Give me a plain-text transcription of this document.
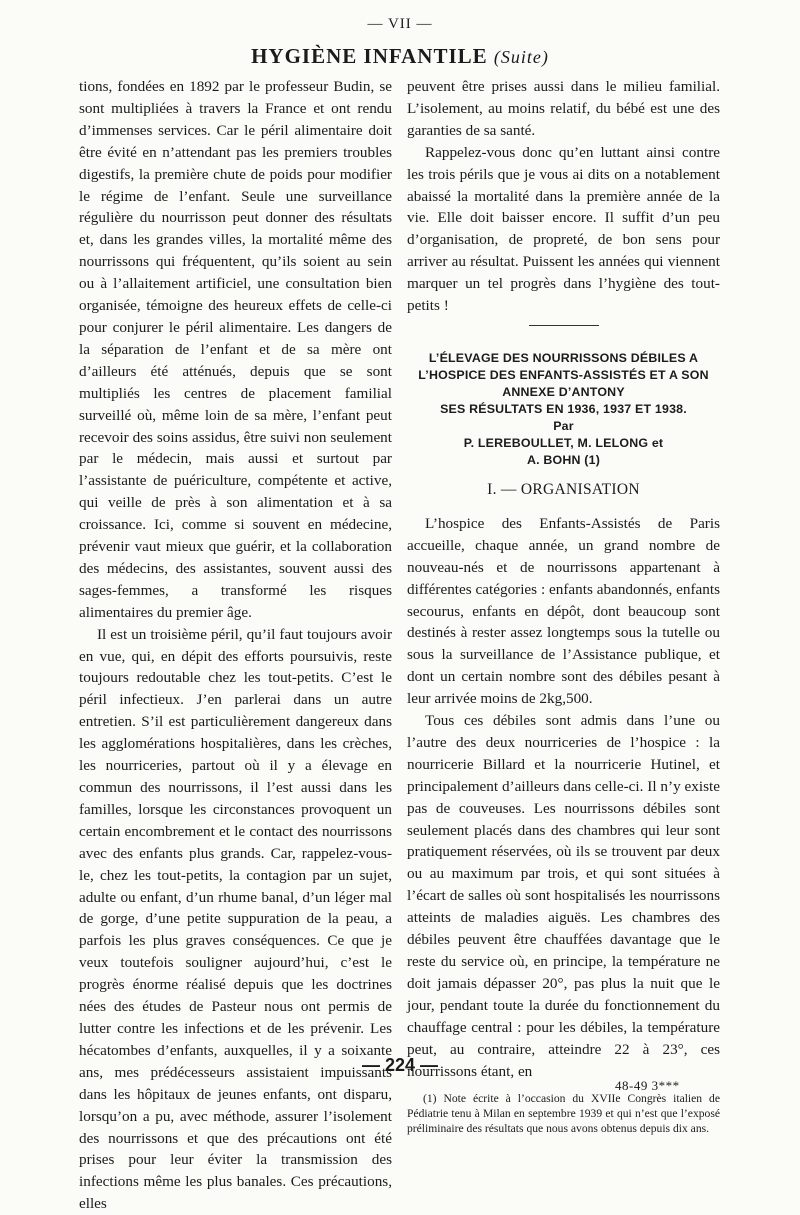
— VII —
HYGIÈNE INFANTILE (Suite)

tions, fondées en 1892 par le professeur Budin, se sont multipliées à travers la France et ont rendu d’immenses services. Car le péril alimentaire doit être évité en n’attendant pas les premiers troubles digestifs, la première chute de poids pour modifier le régime de l’enfant. Seule une surveillance régulière du nourrisson peut donner des résultats et, dans les grandes villes, la mortalité même des nourrissons qui fréquentent, qu’ils soient au sein ou à l’allaitement artificiel, une consultation bien organisée, témoigne des heureux effets de celle-ci pour conjurer le péril alimentaire. Les dangers de la séparation de l’enfant et de sa mère ont d’ailleurs été atténués, depuis que se sont multipliés les centres de placement familial surveillé où, même loin de sa mère, l’enfant peut recevoir des soins assidus, être suivi non seulement par le médecin, mais aussi et surtout par l’assistante de puériculture, compétente et active, qui veille de près à son alimentation et à sa croissance. Ici, comme si souvent en médecine, prévenir vaut mieux que guérir, et la collaboration des médecins, des assistantes, souvent aussi des sages-femmes, a transformé les risques alimentaires du premier âge.

Il est un troisième péril, qu’il faut toujours avoir en vue, qui, en dépit des efforts poursuivis, reste toujours redoutable chez les tout-petits. C’est le péril infectieux. J’en parlerai dans un autre entretien. S’il est particulièrement dangereux dans les agglomérations hospitalières, dans les crèches, les nourriceries, partout où il y a élevage en commun des nourrissons, il l’est aussi dans les familles, lorsque les circonstances provoquent un certain encombrement et le contact des nourrissons avec des enfants plus grands. Car, rappelez-vous-le, chez les tout-petits, la contagion par un sujet, adulte ou enfant, d’un rhume banal, d’un léger mal de gorge, d’une petite suppuration de la peau, a parfois les plus graves conséquences. Ce que je veux toutefois souligner aujourd’hui, c’est le progrès énorme réalisé depuis que les doctrines nées des études de Pasteur nous ont permis de lutter contre les infections et de les prévenir. Les hécatombes d’enfants, auxquelles, il y a soixante ans, mes prédécesseurs assistaient impuissants dans les hôpitaux de jeunes enfants, ont disparu, lorsqu’on a pu, avec méthode, assurer l’isolement des nourrissons et que des précautions ont été prises pour leur éviter la transmission des infections même les plus banales. Ces précautions, elles

peuvent être prises aussi dans le milieu familial. L’isolement, au moins relatif, du bébé est une des garanties de sa santé.

Rappelez-vous donc qu’en luttant ainsi contre les trois périls que je vous ai dits on a notablement abaissé la mortalité dans la première année de la vie. Elle doit baisser encore. Il suffit d’un peu d’organisation, de propreté, de bon sens pour arriver au résultat. Puissent les années qui viennent marquer un tel progrès dans l’hygiène des tout-petits !

L’ÉLEVAGE DES NOURRISSONS DÉBILES A
L’HOSPICE DES ENFANTS-ASSISTÉS ET A SON
ANNEXE D’ANTONY
SES RÉSULTATS EN 1936, 1937 ET 1938.
Par
P. LEREBOULLET, M. LELONG et
A. BOHN (1)
I. — ORGANISATION

L’hospice des Enfants-Assistés de Paris accueille, chaque année, un grand nombre de nouveau-nés et de nourrissons appartenant à différentes catégories : enfants abandonnés, enfants secourus, enfants en dépôt, dont beaucoup sont destinés à rester assez longtemps sous la tutelle ou sous la surveillance de l’Assistance publique, et dont un certain nombre sont des débiles pesant à leur arrivée moins de 2kg,500.

Tous ces débiles sont admis dans l’une ou l’autre des deux nourriceries de l’hospice : la nourricerie Billard et la nourricerie Hutinel, et principalement d’ailleurs dans celle-ci. Il n’y existe pas de couveuses. Les nourrissons débiles sont seulement placés dans des chambres qui leur sont pratiquement réservées, où ils se trouvent par deux ou au maximum par trois, et qui sont situées à l’écart de salles où sont hospitalisés les nourrissons atteints de maladies aiguës. Les chambres des débiles peuvent être chauffées davantage que le reste du service où, en principe, la température ne doit jamais dépasser 20°, pas plus la nuit que le jour, pendant toute la durée du fonctionnement du chauffage central : pour les débiles, la température peut, au contraire, atteindre 22 à 23°, ces nourrissons étant, en

(1) Note écrite à l’occasion du XVIIe Congrès italien de Pédiatrie tenu à Milan en septembre 1939 et qui n’est que l’exposé préliminaire des résultats que nous avons obtenus depuis dix ans.

— 224 —
48-49 3***
